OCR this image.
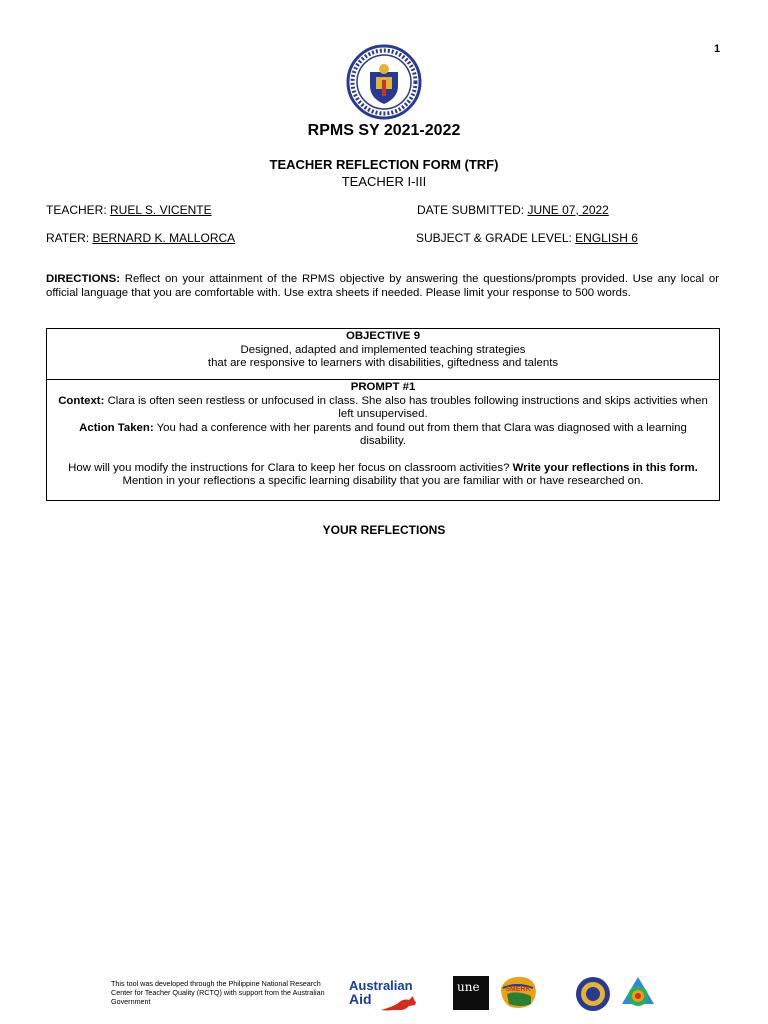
1
RPMS SY 2021-2022
TEACHER REFLECTION FORM (TRF)
TEACHER I-III
TEACHER: RUEL S. VICENTE	DATE SUBMITTED: JUNE 07, 2022
RATER: BERNARD K. MALLORCA	SUBJECT & GRADE LEVEL: ENGLISH 6
DIRECTIONS: Reflect on your attainment of the RPMS objective by answering the questions/prompts provided. Use any local or official language that you are comfortable with. Use extra sheets if needed. Please limit your response to 500 words.
OBJECTIVE 9
Designed, adapted and implemented teaching strategies
that are responsive to learners with disabilities, giftedness and talents
PROMPT #1
Context: Clara is often seen restless or unfocused in class. She also has troubles following instructions and skips activities when left unsupervised.
Action Taken: You had a conference with her parents and found out from them that Clara was diagnosed with a learning disability.
How will you modify the instructions for Clara to keep her focus on classroom activities? Write your reflections in this form. Mention in your reflections a specific learning disability that you are familiar with or have researched on.
YOUR REFLECTIONS
This tool was developed through the Philippine National Research Center for Teacher Quality (RCTQ) with support from the Australian Government
Australian
Aid
une	SMERK
